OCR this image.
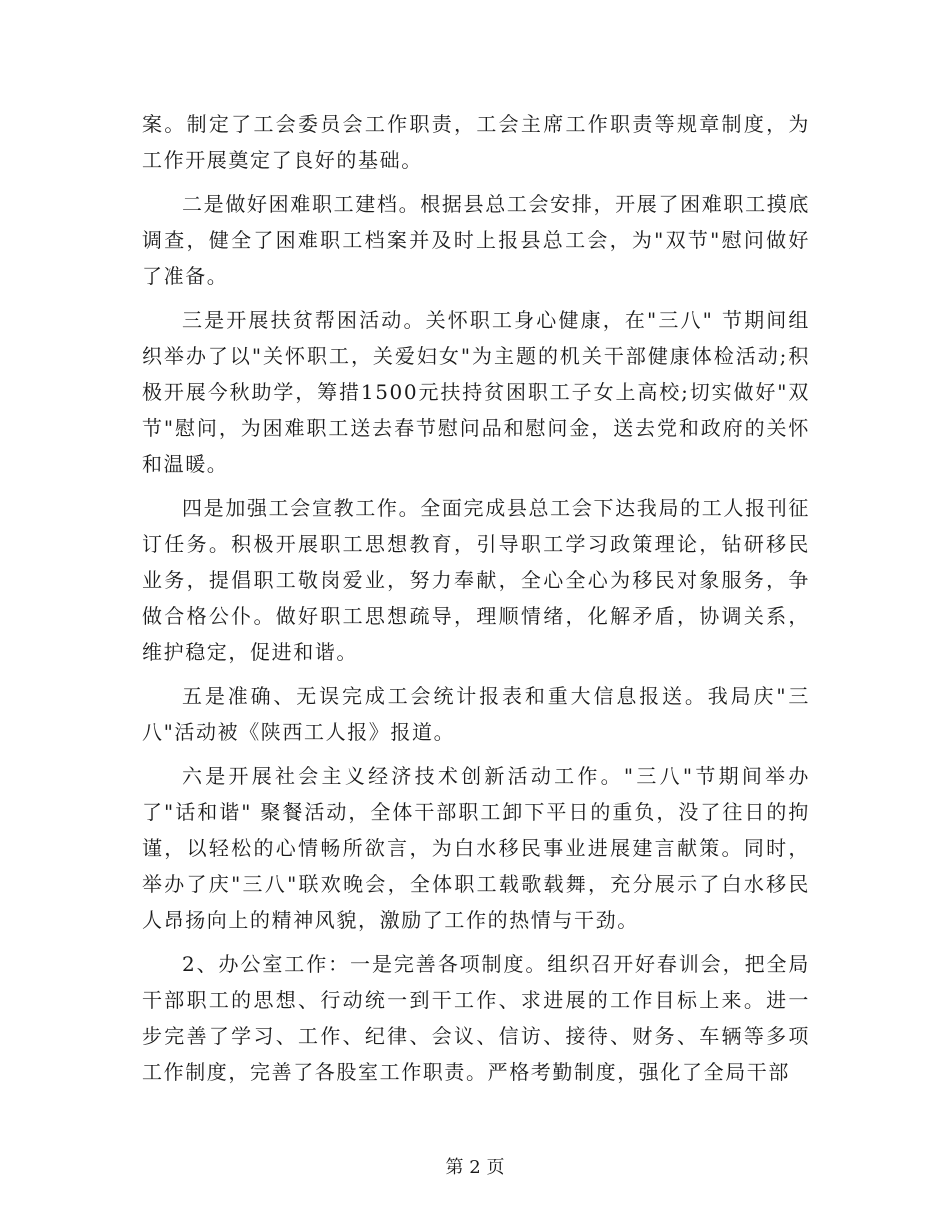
案。制定了工会委员会工作职责，工会主席工作职责等规章制度，为工作开展奠定了良好的基础。

二是做好困难职工建档。根据县总工会安排，开展了困难职工摸底调查，健全了困难职工档案并及时上报县总工会，为"双节"慰问做好了准备。

三是开展扶贫帮困活动。关怀职工身心健康，在"三八" 节期间组织举办了以"关怀职工，关爱妇女"为主题的机关干部健康体检活动;积极开展今秋助学，筹措1500元扶持贫困职工子女上高校;切实做好"双节"慰问，为困难职工送去春节慰问品和慰问金，送去党和政府的关怀和温暖。

四是加强工会宣教工作。全面完成县总工会下达我局的工人报刊征订任务。积极开展职工思想教育，引导职工学习政策理论，钻研移民业务，提倡职工敬岗爱业，努力奉献，全心全心为移民对象服务，争做合格公仆。做好职工思想疏导，理顺情绪，化解矛盾，协调关系，维护稳定，促进和谐。

五是准确、无误完成工会统计报表和重大信息报送。我局庆"三八"活动被《陕西工人报》报道。

六是开展社会主义经济技术创新活动工作。"三八"节期间举办了"话和谐" 聚餐活动，全体干部职工卸下平日的重负，没了往日的拘谨，以轻松的心情畅所欲言，为白水移民事业进展建言献策。同时，举办了庆"三八"联欢晚会，全体职工载歌载舞，充分展示了白水移民人昂扬向上的精神风貌，激励了工作的热情与干劲。

2、办公室工作：一是完善各项制度。组织召开好春训会，把全局干部职工的思想、行动统一到干工作、求进展的工作目标上来。进一步完善了学习、工作、纪律、会议、信访、接待、财务、车辆等多项工作制度，完善了各股室工作职责。严格考勤制度，强化了全局干部

第 2 页
